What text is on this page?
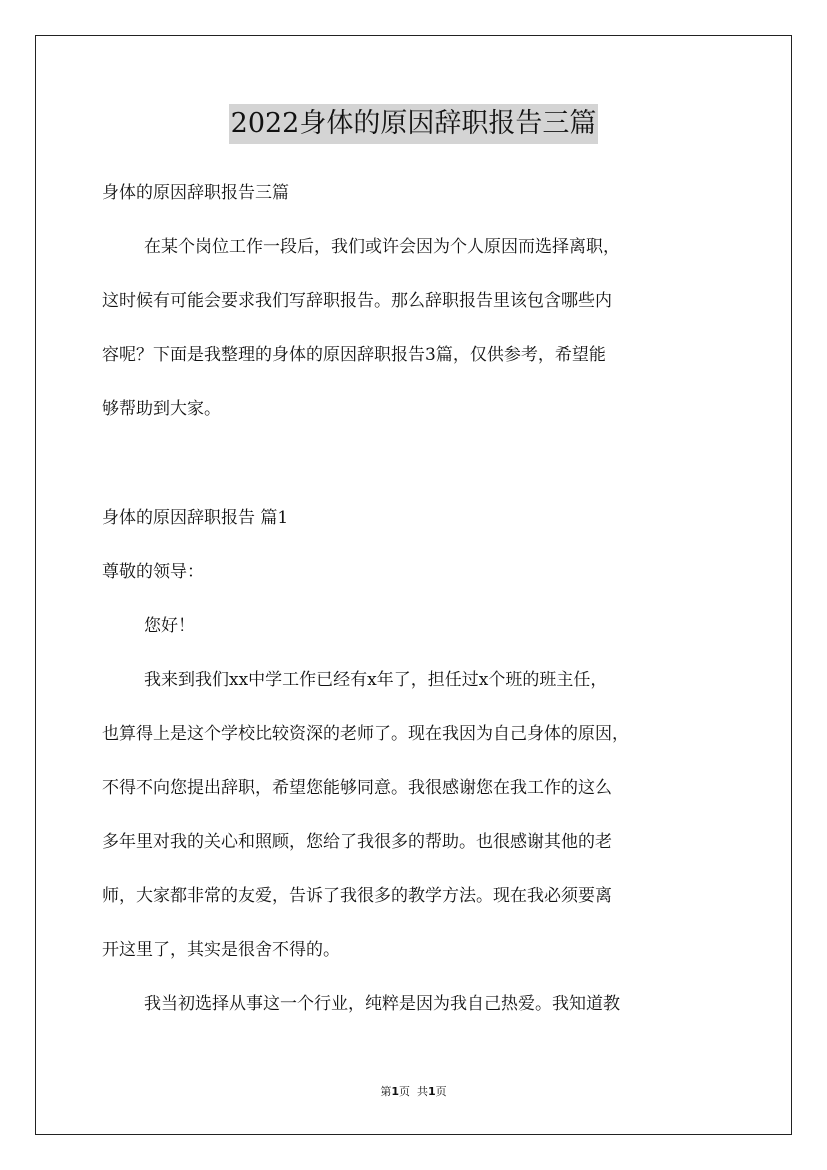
2022身体的原因辞职报告三篇

身体的原因辞职报告三篇

在某个岗位工作一段后，我们或许会因为个人原因而选择离职，

这时候有可能会要求我们写辞职报告。那么辞职报告里该包含哪些内

容呢？下面是我整理的身体的原因辞职报告3篇，仅供参考，希望能

够帮助到大家。

身体的原因辞职报告 篇1

尊敬的领导：

您好！

我来到我们xx中学工作已经有x年了，担任过x个班的班主任，

也算得上是这个学校比较资深的老师了。现在我因为自己身体的原因，

不得不向您提出辞职，希望您能够同意。我很感谢您在我工作的这么

多年里对我的关心和照顾，您给了我很多的帮助。也很感谢其他的老

师，大家都非常的友爱，告诉了我很多的教学方法。现在我必须要离

开这里了，其实是很舍不得的。

我当初选择从事这一个行业，纯粹是因为我自己热爱。我知道教

第1页 共1页
